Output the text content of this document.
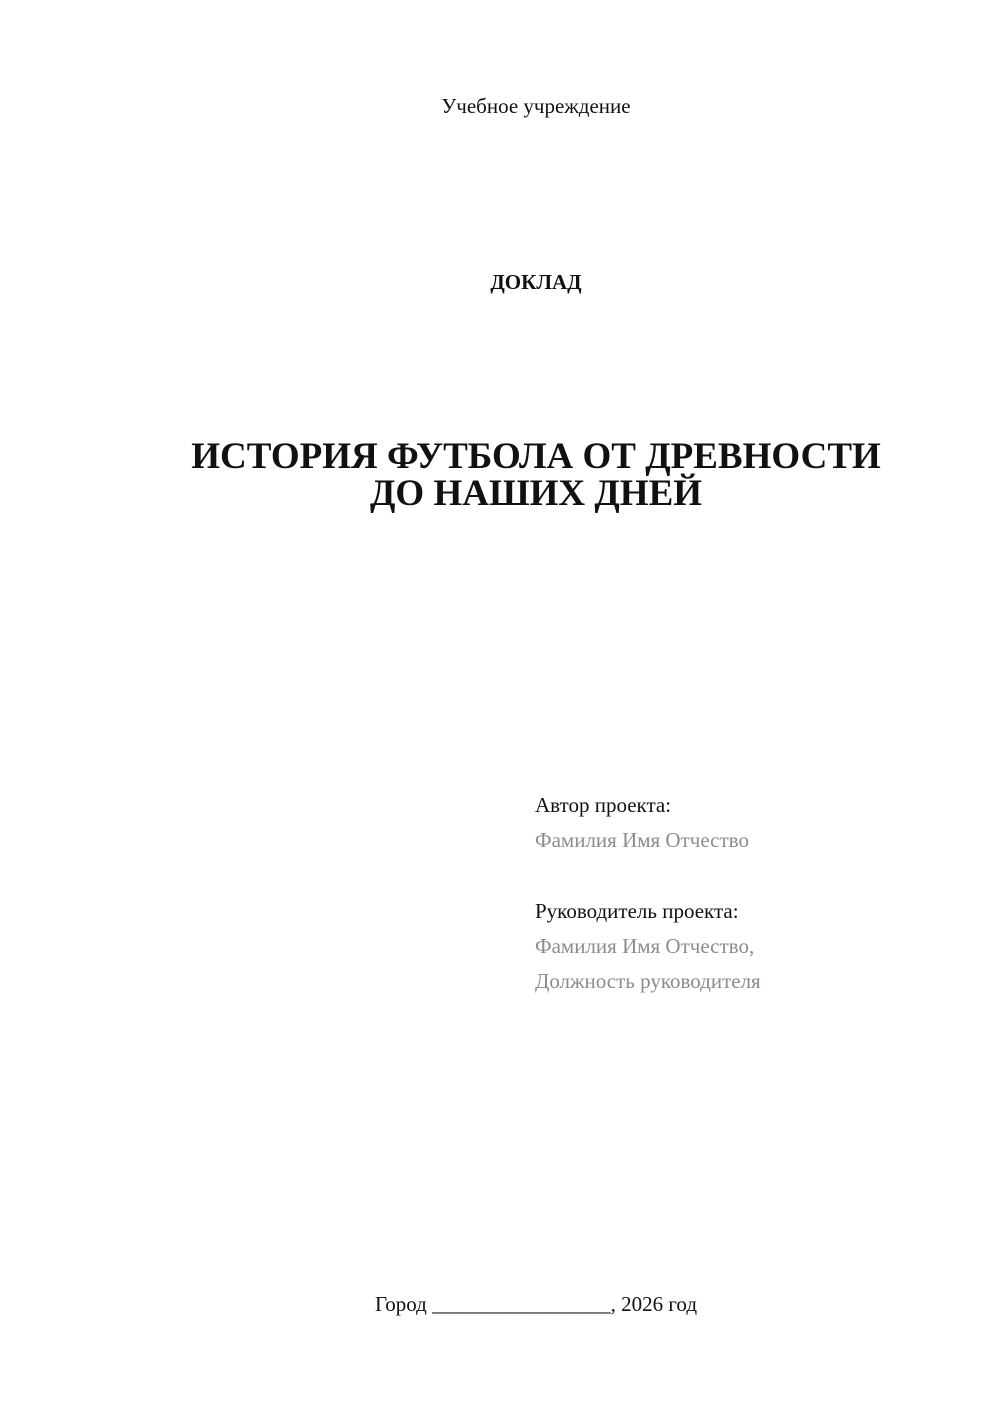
Учебное учреждение
ДОКЛАД
ИСТОРИЯ ФУТБОЛА ОТ ДРЕВНОСТИ
ДО НАШИХ ДНЕЙ
Автор проекта:
Фамилия Имя Отчество
Руководитель проекта:
Фамилия Имя Отчество,
Должность руководителя
Город _________________, 2026 год
